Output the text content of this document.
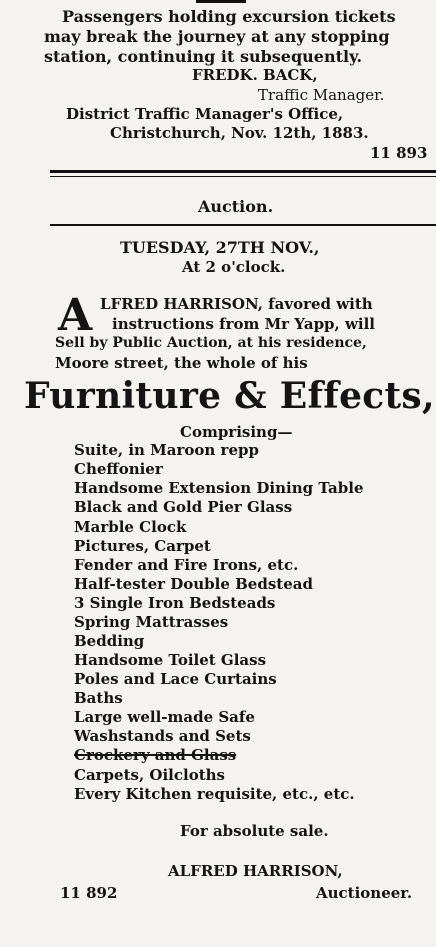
Passengers holding excursion tickets
may break the journey at any stopping
station, continuing it subsequently.
FREDK. BACK,
Traffic Manager.
District Traffic Manager's Office,
Christchurch, Nov. 12th, 1883.
11 893
Auction.
TUESDAY, 27TH NOV.,
At 2 o'clock.
A LFRED HARRISON, favored with
instructions from Mr Yapp, will
Sell by Public Auction, at his residence,
Moore street, the whole of his
Furniture & Effects,
Comprising—
Suite, in Maroon repp
Cheffonier
Handsome Extension Dining Table
Black and Gold Pier Glass
Marble Clock
Pictures, Carpet
Fender and Fire Irons, etc.
Half-tester Double Bedstead
3 Single Iron Bedsteads
Spring Mattrasses
Bedding
Handsome Toilet Glass
Poles and Lace Curtains
Baths
Large well-made Safe
Washstands and Sets
Crockery and Glass
Carpets, Oilcloths
Every Kitchen requisite, etc., etc.
For absolute sale.
ALFRED HARRISON,
11 892	Auctioneer.
